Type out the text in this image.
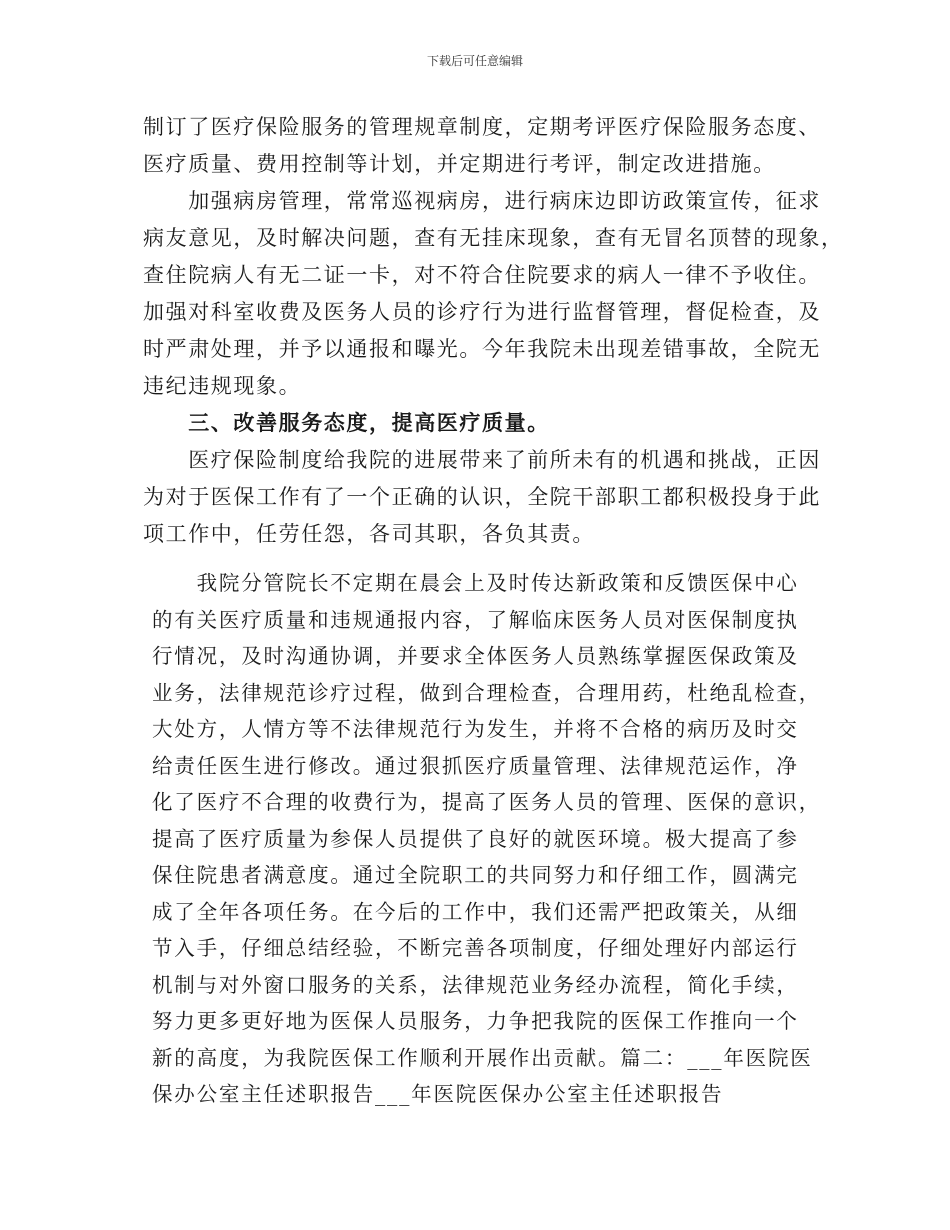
下载后可任意编辑
制订了医疗保险服务的管理规章制度，定期考评医疗保险服务态度、
医疗质量、费用控制等计划，并定期进行考评，制定改进措施。
　　加强病房管理，常常巡视病房，进行病床边即访政策宣传，征求
病友意见，及时解决问题，查有无挂床现象，查有无冒名顶替的现象，
查住院病人有无二证一卡，对不符合住院要求的病人一律不予收住。
加强对科室收费及医务人员的诊疗行为进行监督管理，督促检查，及
时严肃处理，并予以通报和曝光。今年我院未出现差错事故，全院无
违纪违规现象。
　　三、改善服务态度，提高医疗质量。
　　医疗保险制度给我院的进展带来了前所未有的机遇和挑战，正因
为对于医保工作有了一个正确的认识，全院干部职工都积极投身于此
项工作中，任劳任怨，各司其职，各负其责。
　　我院分管院长不定期在晨会上及时传达新政策和反馈医保中心
的有关医疗质量和违规通报内容，了解临床医务人员对医保制度执
行情况，及时沟通协调，并要求全体医务人员熟练掌握医保政策及
业务，法律规范诊疗过程，做到合理检查，合理用药，杜绝乱检查，
大处方，人情方等不法律规范行为发生，并将不合格的病历及时交
给责任医生进行修改。通过狠抓医疗质量管理、法律规范运作，净
化了医疗不合理的收费行为，提高了医务人员的管理、医保的意识，
提高了医疗质量为参保人员提供了良好的就医环境。极大提高了参
保住院患者满意度。通过全院职工的共同努力和仔细工作，圆满完
成了全年各项任务。在今后的工作中，我们还需严把政策关，从细
节入手，仔细总结经验，不断完善各项制度，仔细处理好内部运行
机制与对外窗口服务的关系，法律规范业务经办流程，简化手续，
努力更多更好地为医保人员服务，力争把我院的医保工作推向一个
新的高度，为我院医保工作顺利开展作出贡献。篇二：___年医院医
保办公室主任述职报告___年医院医保办公室主任述职报告
